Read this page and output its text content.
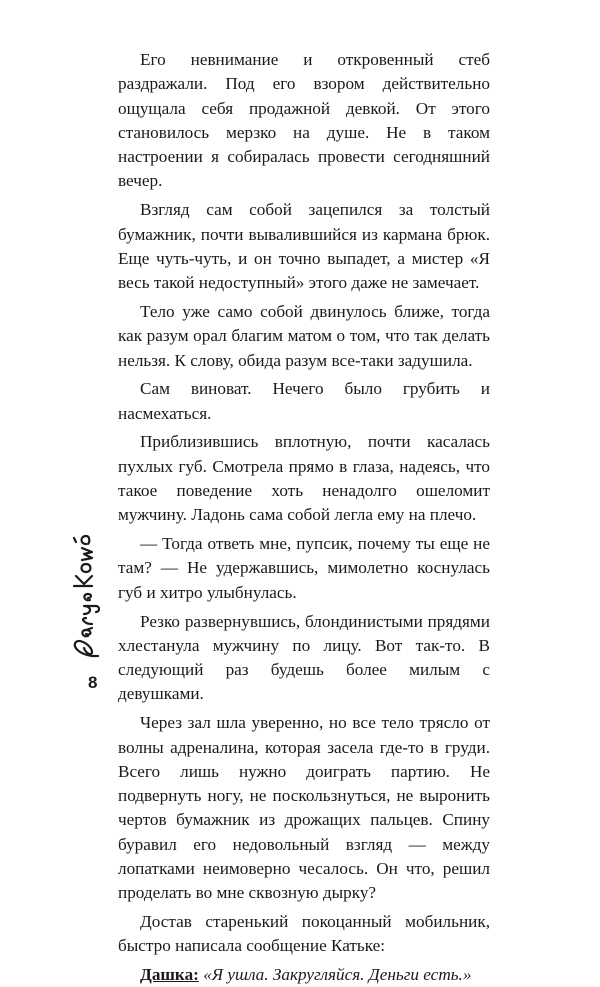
Его невнимание и откровенный стеб раздражали. Под его взором действительно ощущала себя продажной девкой. От этого становилось мерзко на душе. Не в таком настроении я собиралась провести сегодняшний вечер.

Взгляд сам собой зацепился за толстый бумажник, почти вывалившийся из кармана брюк. Еще чуть-чуть, и он точно выпадет, а мистер «Я весь такой недоступный» этого даже не замечает.

Тело уже само собой двинулось ближе, тогда как разум орал благим матом о том, что так делать нельзя. К слову, обида разум все-таки задушила.

Сам виноват. Нечего было грубить и насмехаться.

Приблизившись вплотную, почти касалась пухлых губ. Смотрела прямо в глаза, надеясь, что такое поведение хоть ненадолго ошеломит мужчину. Ладонь сама собой легла ему на плечо.

— Тогда ответь мне, пупсик, почему ты еще не там? — Не удержавшись, мимолетно коснулась губ и хитро улыбнулась.

Резко развернувшись, блондинистыми прядями хлестанула мужчину по лицу. Вот так-то. В следующий раз будешь более милым с девушками.

Через зал шла уверенно, но все тело трясло от волны адреналина, которая засела где-то в груди. Всего лишь нужно доиграть партию. Не подвернуть ногу, не поскользнуться, не выронить чертов бумажник из дрожащих пальцев. Спину буравил его недовольный взгляд — между лопатками неимоверно чесалось. Он что, решил проделать во мне сквозную дырку?

Достав старенький покоцанный мобильник, быстро написала сообщение Катьке:

Дашка: «Я ушла. Закругляйся. Деньги есть.»

8
